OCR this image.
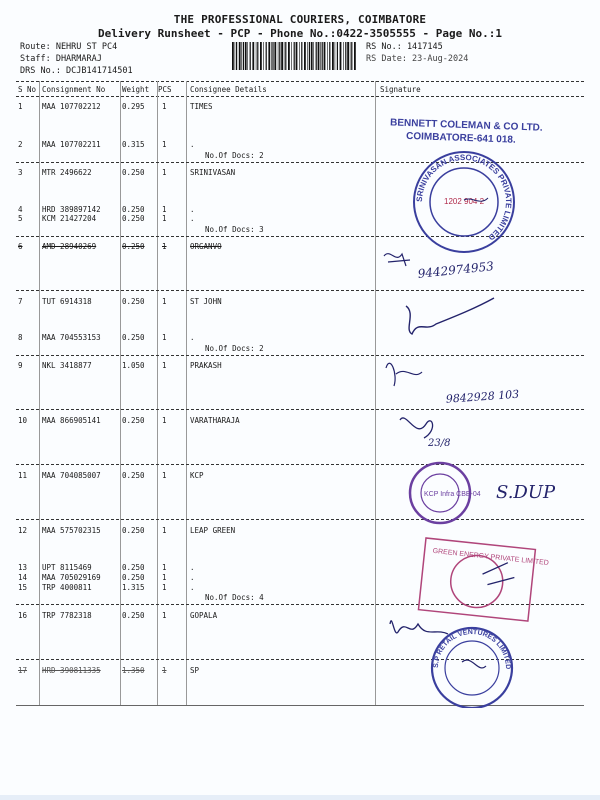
THE PROFESSIONAL COURIERS, COIMBATORE
Delivery Runsheet - PCP - Phone No.:0422-3505555 - Page No.:1
Route: NEHRU ST PC4
Staff: DHARMARAJ
DRS No.: DCJB141714501
RS No.: 1417145
RS Date: 23-Aug-2024
S No Consignment No Weight PCS Consignee Details	Signature
1	MAA 107702212	0.295 1	TIMES
2	MAA 107702211	0.315 1	.
No.Of Docs: 2
3	MTR 2496622	0.250 1	SRINIVASAN
4	HRD 389897142	0.250 1	.
5	KCM 21427204	0.250 1	.
No.Of Docs: 3
6	AMD 28940269	0.250 1	ORGANVO
7	TUT 6914318	0.250 1	ST JOHN
8	MAA 704553153	0.250 1	.
No.Of Docs: 2
9	NKL 3418877	1.050 1	PRAKASH
10 MAA 866905141	0.250 1	VARATHARAJA
11 MAA 704085007	0.250 1	KCP
12 MAA 575702315	0.250 1	LEAP GREEN
13 UPT 8115469	0.250 1	.
14 MAA 705029169	0.250 1	.
15 TRP 4000811	1.315 1	.
No.Of Docs: 4
16 TRP 7782318	0.250 1	GOPALA
17 HRD 390811335	1.350 1	SP
BENNETT COLEMAN & CO LTD.
COIMBATORE-641 018.
SRINIVASAN ASSOCIATES PRIVATE LIMITED
1202 904 2
9442974953
9842928 103
23/8
KCP Infra CBE-04 S.DUP
GREEN ENERGY PRIVATE LIMITED
S.P RETAIL VENTURES LIMITED
